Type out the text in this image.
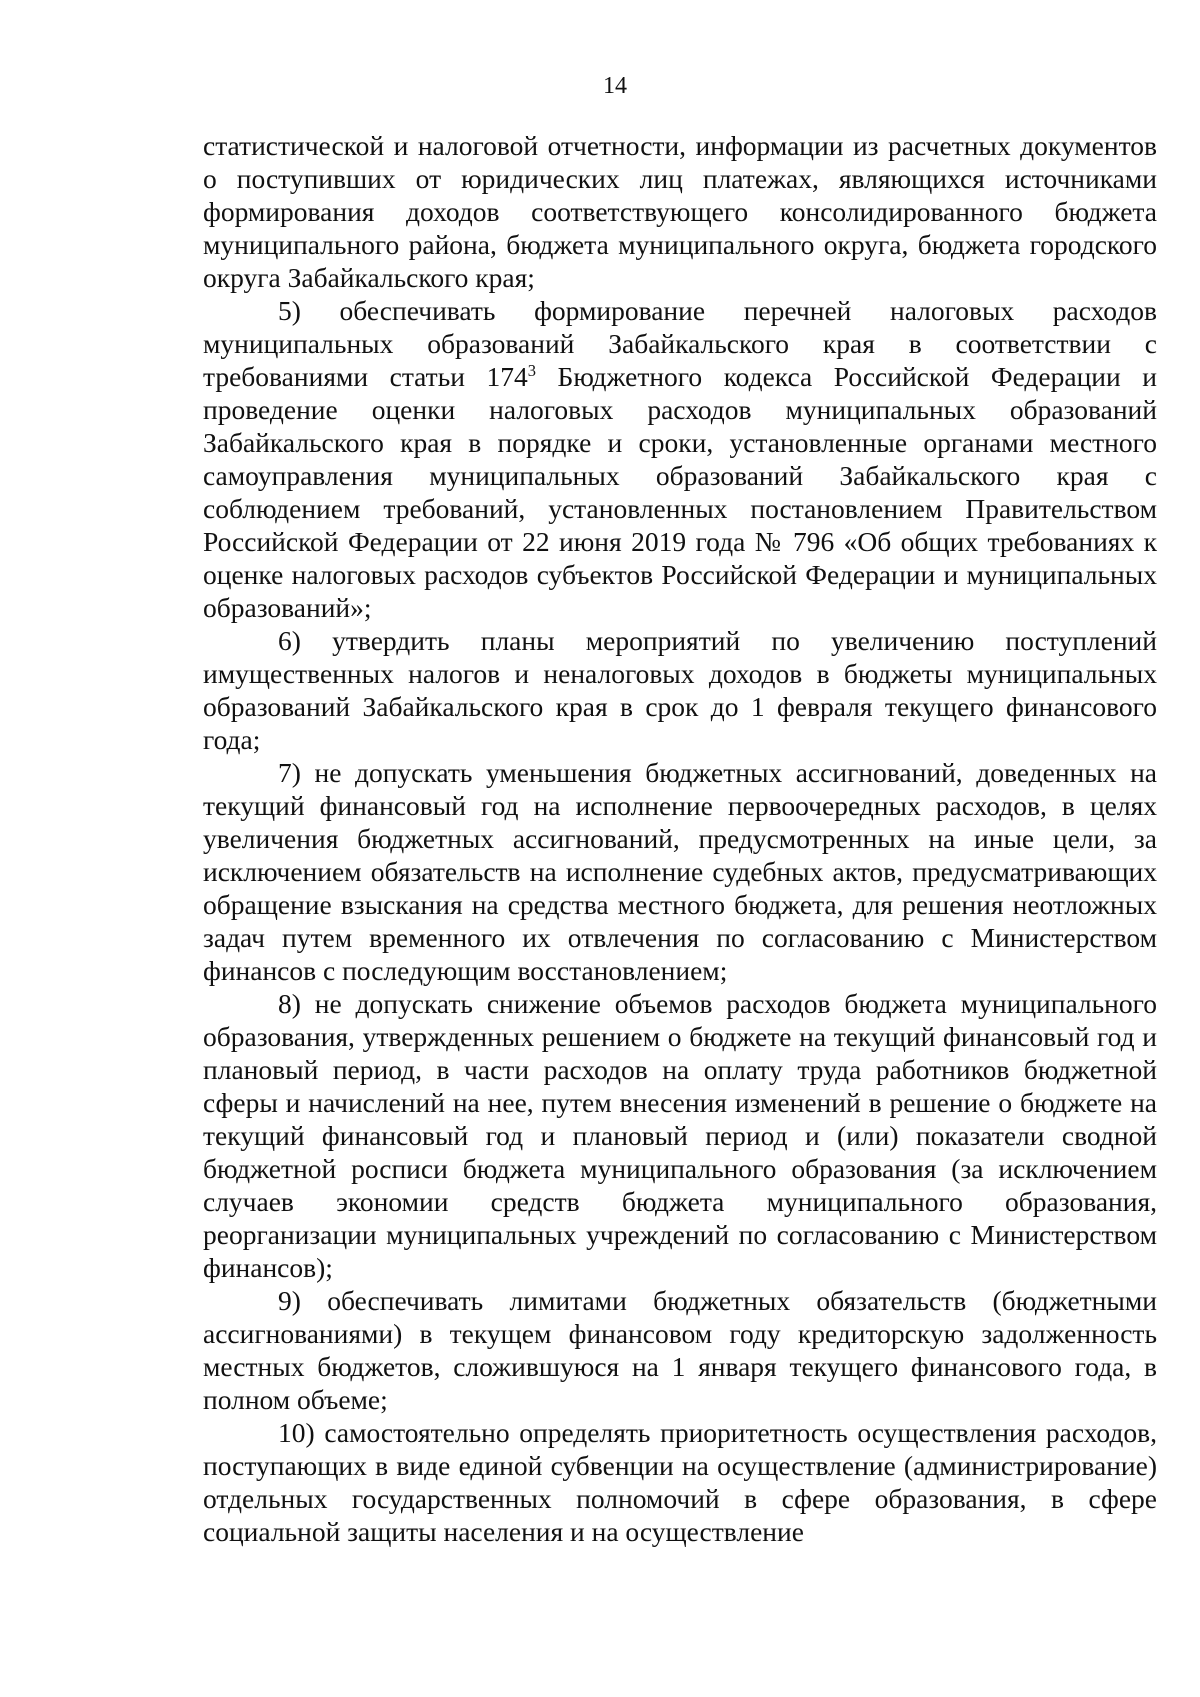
14

статистической и налоговой отчетности, информации из расчетных документов о поступивших от юридических лиц платежах, являющихся источниками формирования доходов соответствующего консолидированного бюджета муниципального района, бюджета муниципального округа, бюджета городского округа Забайкальского края;

5) обеспечивать формирование перечней налоговых расходов муниципальных образований Забайкальского края в соответствии с требованиями статьи $174^3$ Бюджетного кодекса Российской Федерации и проведение оценки налоговых расходов муниципальных образований Забайкальского края в порядке и сроки, установленные органами местного самоуправления муниципальных образований Забайкальского края с соблюдением требований, установленных постановлением Правительством Российской Федерации от 22 июня 2019 года № 796 «Об общих требованиях к оценке налоговых расходов субъектов Российской Федерации и муниципальных образований»;

6) утвердить планы мероприятий по увеличению поступлений имущественных налогов и неналоговых доходов в бюджеты муниципальных образований Забайкальского края в срок до 1 февраля текущего финансового года;

7) не допускать уменьшения бюджетных ассигнований, доведенных на текущий финансовый год на исполнение первоочередных расходов, в целях увеличения бюджетных ассигнований, предусмотренных на иные цели, за исключением обязательств на исполнение судебных актов, предусматривающих обращение взыскания на средства местного бюджета, для решения неотложных задач путем временного их отвлечения по согласованию с Министерством финансов с последующим восстановлением;

8) не допускать снижение объемов расходов бюджета муниципального образования, утвержденных решением о бюджете на текущий финансовый год и плановый период, в части расходов на оплату труда работников бюджетной сферы и начислений на нее, путем внесения изменений в решение о бюджете на текущий финансовый год и плановый период и (или) показатели сводной бюджетной росписи бюджета муниципального образования (за исключением случаев экономии средств бюджета муниципального образования, реорганизации муниципальных учреждений по согласованию с Министерством финансов);

9) обеспечивать лимитами бюджетных обязательств (бюджетными ассигнованиями) в текущем финансовом году кредиторскую задолженность местных бюджетов, сложившуюся на 1 января текущего финансового года, в полном объеме;

10) самостоятельно определять приоритетность осуществления расходов, поступающих в виде единой субвенции на осуществление (администрирование) отдельных государственных полномочий в сфере образования, в сфере социальной защиты населения и на осуществление
